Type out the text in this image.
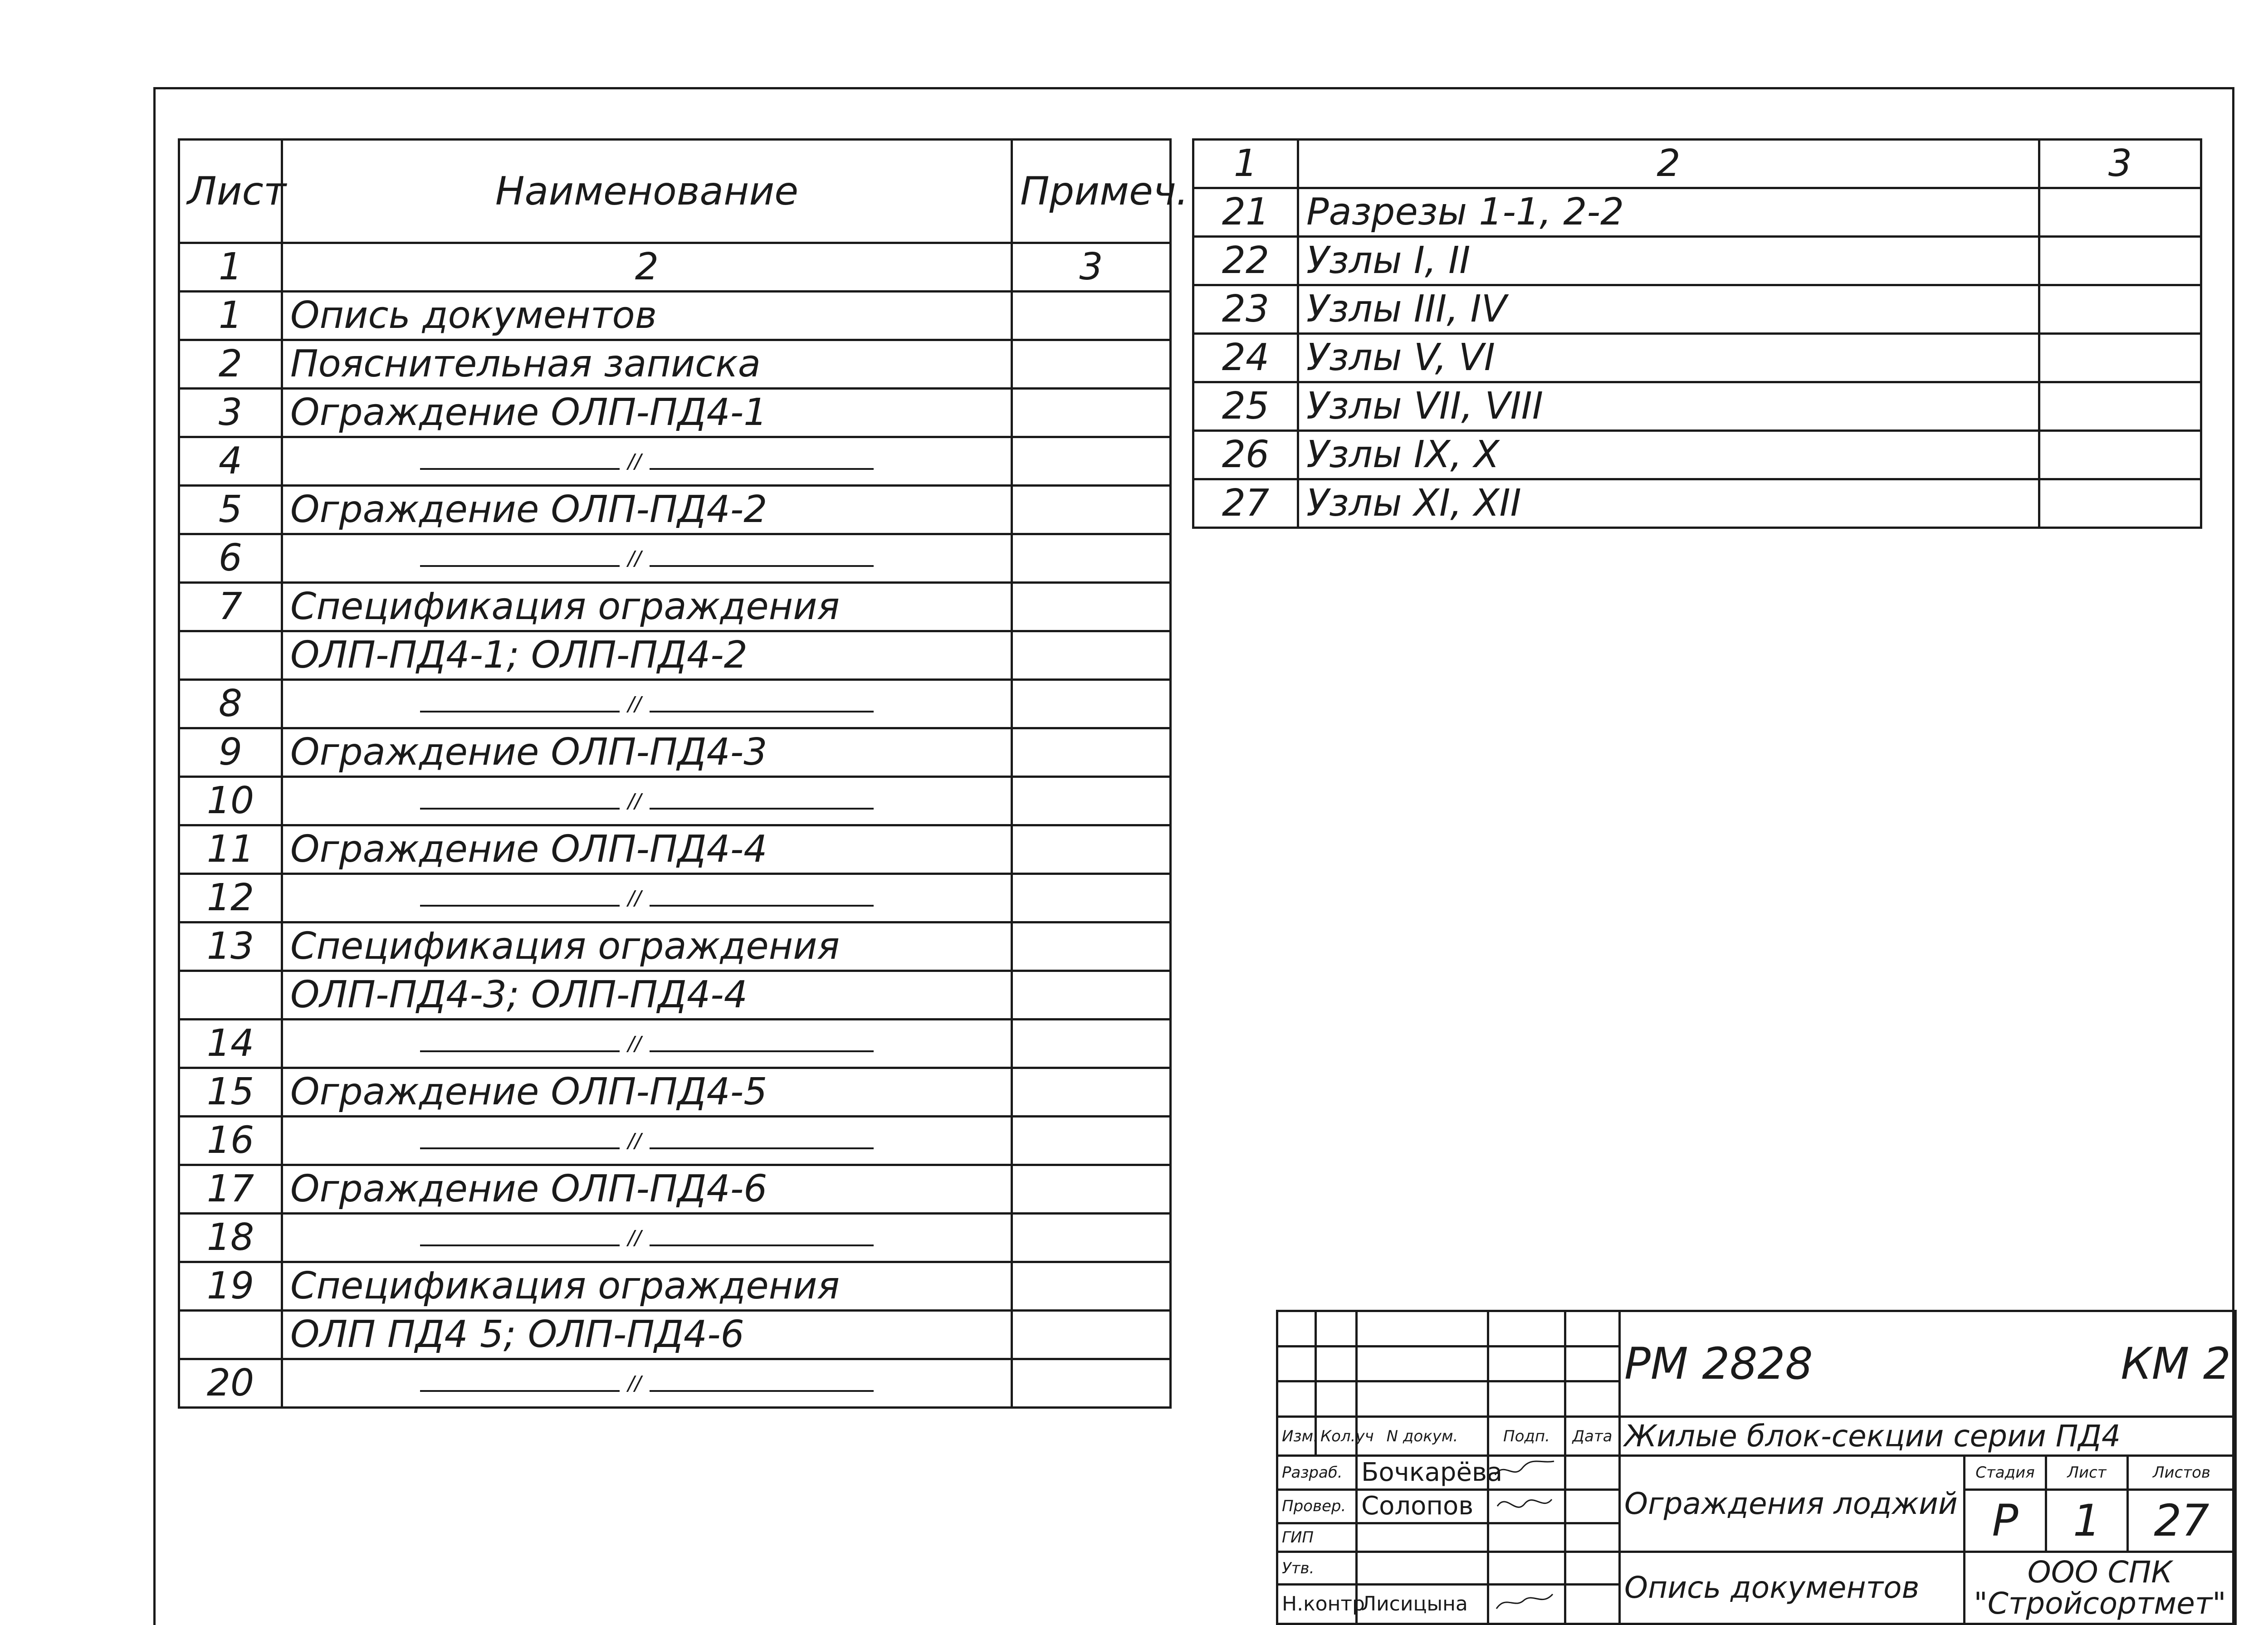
Лист	Наименование	Примеч.
1	2	3
1	Опись документов	
2	Пояснительная записка	
3	Ограждение ОЛП-ПД4-1	
4	//	

5	Ограждение ОЛП-ПД4-2	
6	//	

7	Спецификация ограждения	
	ОЛП-ПД4-1; ОЛП-ПД4-2	
8	//	

9	Ограждение ОЛП-ПД4-3	
10	//	

11	Ограждение ОЛП-ПД4-4	
12	//	

13	Спецификация ограждения	
	ОЛП-ПД4-3; ОЛП-ПД4-4	
14	//	

15	Ограждение ОЛП-ПД4-5	
16	//	

17	Ограждение ОЛП-ПД4-6	
18	//	

19	Спецификация ограждения	
	ОЛП ПД4 5; ОЛП-ПД4-6	
20	//	

1	2	3
21	Разрезы 1-1, 2-2	
22	Узлы I, II	
23	Узлы III, IV	
24	Узлы V, VI	
25	Узлы VII, VIII	
26	Узлы IX, X	
27	Узлы XI, XII	
					РМ 2828 КМ 2			

Изм.	Кол.уч	N докум.	Подп.	Дата	Жилые блок-секции серии ПД4			
Разраб.		Бочкарёва			Ограждения лоджий	Стадия	Лист	Листов
Провер.		Солопов				Р	1	27
ГИП								
Утв.					Опись документов	ООО СПК
"Стройсортмет"		

Н.контр		Лисицына		
